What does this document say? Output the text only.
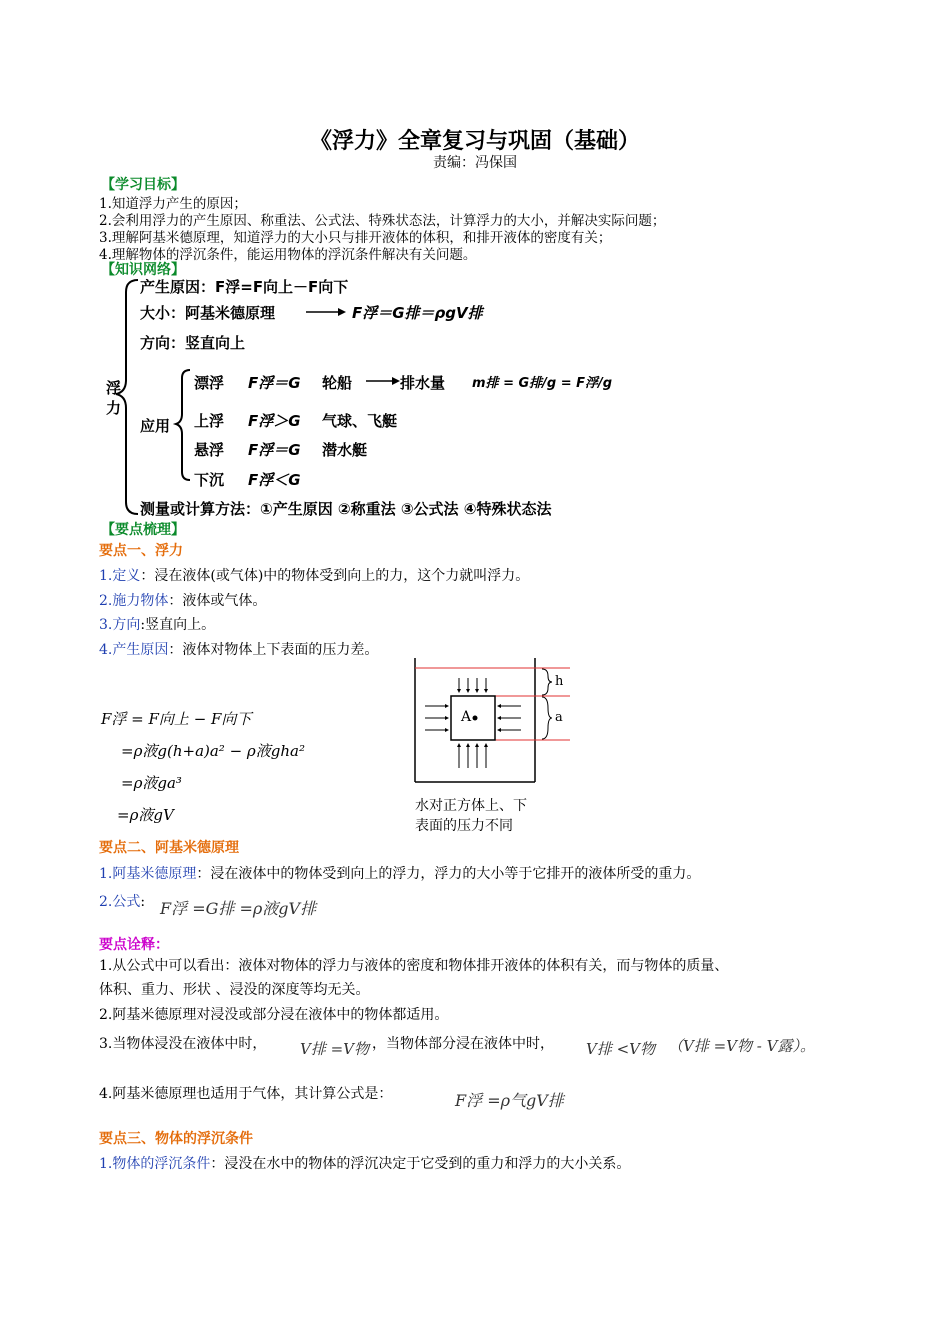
《浮力》全章复习与巩固（基础）
责编：冯保国
【学习目标】
1.知道浮力产生的原因；
2.会利用浮力的产生原因、称重法、公式法、特殊状态法，计算浮力的大小，并解决实际问题；
3.理解阿基米德原理，知道浮力的大小只与排开液体的体积，和排开液体的密度有关；
4.理解物体的浮沉条件，能运用物体的浮沉条件解决有关问题。
【知识网络】
浮力
产生原因：F浮=F向上－F向下
大小：阿基米德原理	F浮＝G排＝ρgV排
方向：竖直向上
应用
漂浮 F浮＝G 轮船	排水量 m排 = G排/g = F浮/g
上浮 F浮＞G 气球、飞艇
悬浮 F浮＝G 潜水艇
下沉 F浮＜G
测量或计算方法：①产生原因 ②称重法 ③公式法 ④特殊状态法
【要点梳理】
要点一、浮力
1.定义：浸在液体(或气体)中的物体受到向上的力，这个力就叫浮力。
2.施力物体：液体或气体。
3.方向:竖直向上。
4.产生原因：液体对物体上下表面的压力差。
F浮 = F向上 − F向下
=ρ液g(h+a)a² − ρ液gha²
=ρ液ga³
=ρ液gV
A
h
a
水对正方体上、下
表面的压力不同
要点二、阿基米德原理
1.阿基米德原理：浸在液体中的物体受到向上的浮力，浮力的大小等于它排开的液体所受的重力。
2.公式: F浮 =G排 =ρ液gV排
要点诠释：
1.从公式中可以看出：液体对物体的浮力与液体的密度和物体排开液体的体积有关，而与物体的质量、
体积、重力、形状 、浸没的深度等均无关。
2.阿基米德原理对浸没或部分浸在液体中的物体都适用。
3.当物体浸没在液体中时， V排 =V物 ，当物体部分浸在液体中时， V排 <V物 （V排 =V物 - V露）。
4.阿基米德原理也适用于气体，其计算公式是：	F浮 =ρ气gV排
要点三、物体的浮沉条件
1.物体的浮沉条件：浸没在水中的物体的浮沉决定于它受到的重力和浮力的大小关系。
